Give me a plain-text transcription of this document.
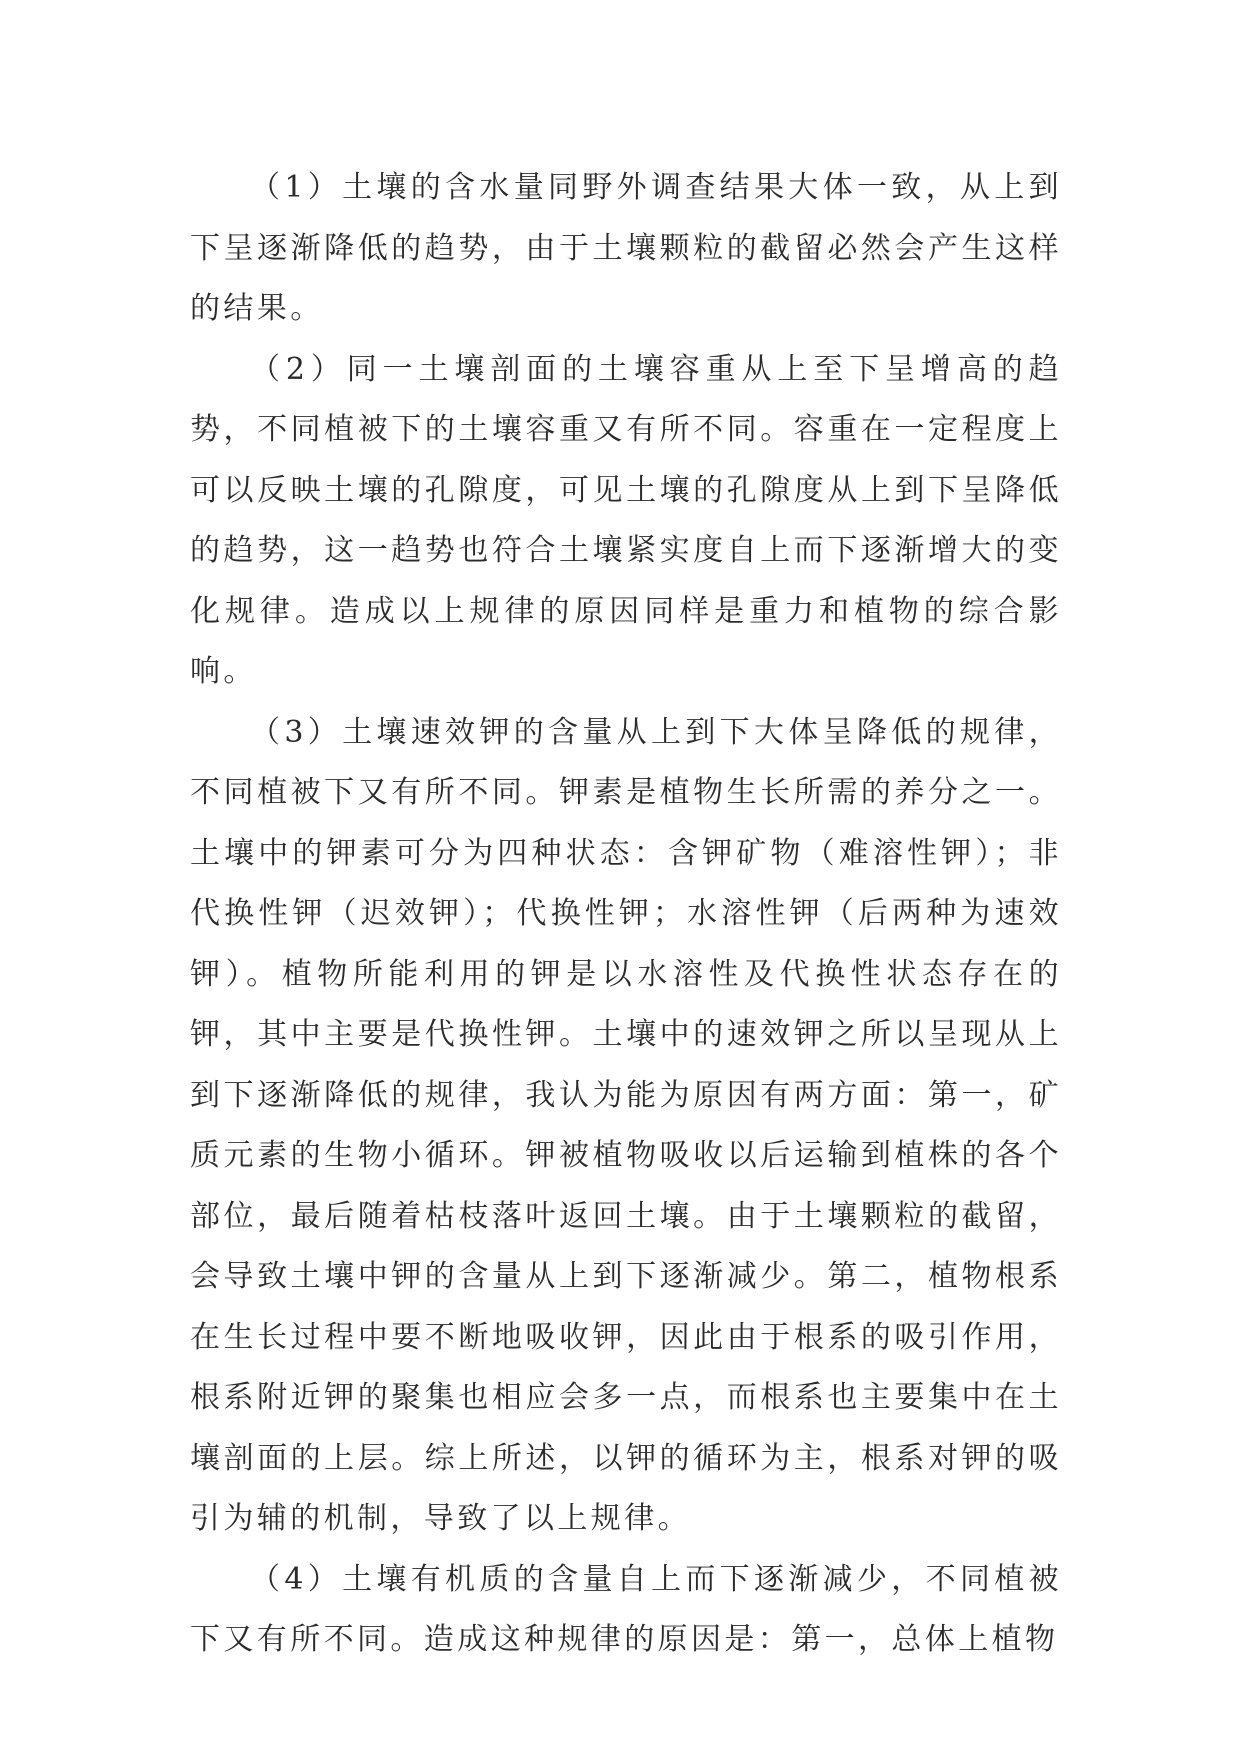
（1）土壤的含水量同野外调查结果大体一致，从上到下呈逐渐降低的趋势，由于土壤颗粒的截留必然会产生这样的结果。

（2）同一土壤剖面的土壤容重从上至下呈增高的趋势，不同植被下的土壤容重又有所不同。容重在一定程度上可以反映土壤的孔隙度，可见土壤的孔隙度从上到下呈降低的趋势，这一趋势也符合土壤紧实度自上而下逐渐增大的变化规律。造成以上规律的原因同样是重力和植物的综合影响。

（3）土壤速效钾的含量从上到下大体呈降低的规律，不同植被下又有所不同。钾素是植物生长所需的养分之一。土壤中的钾素可分为四种状态：含钾矿物（难溶性钾）；非代换性钾（迟效钾）；代换性钾；水溶性钾（后两种为速效钾）。植物所能利用的钾是以水溶性及代换性状态存在的钾，其中主要是代换性钾。土壤中的速效钾之所以呈现从上到下逐渐降低的规律，我认为能为原因有两方面：第一，矿质元素的生物小循环。钾被植物吸收以后运输到植株的各个部位，最后随着枯枝落叶返回土壤。由于土壤颗粒的截留，会导致土壤中钾的含量从上到下逐渐减少。第二，植物根系在生长过程中要不断地吸收钾，因此由于根系的吸引作用，根系附近钾的聚集也相应会多一点，而根系也主要集中在土壤剖面的上层。综上所述，以钾的循环为主，根系对钾的吸引为辅的机制，导致了以上规律。

（4）土壤有机质的含量自上而下逐渐减少，不同植被下又有所不同。造成这种规律的原因是：第一，总体上植物
